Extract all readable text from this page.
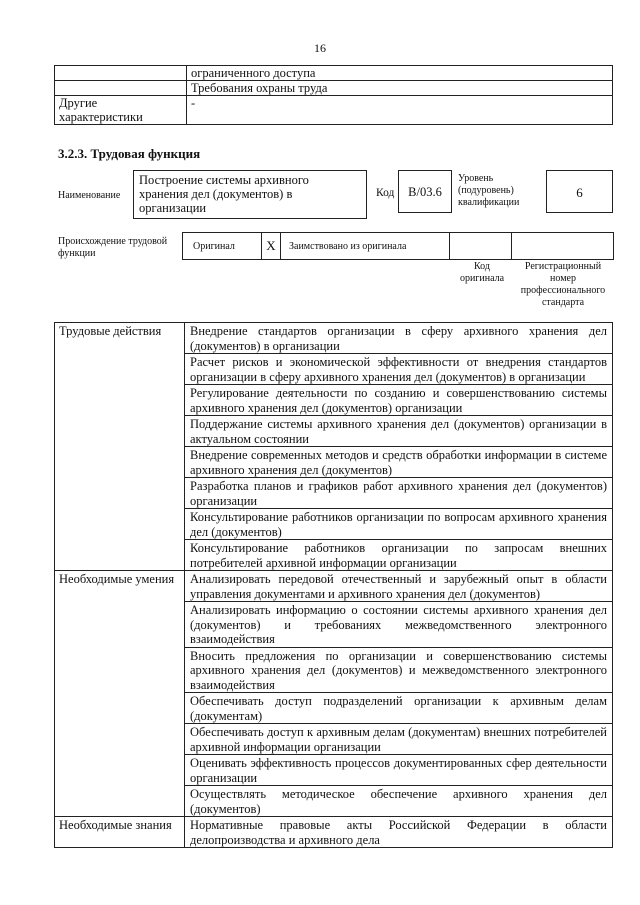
16
	ограниченного доступа
	Требования охраны труда
Другие характеристики	-
3.2.3. Трудовая функция
Наименование
Построение системы архивного хранения дел (документов) в организации
Код	B/03.6
Уровень (подуровень) квалификации
6
Происхождение трудовой функции
Оригинал	X	Заимствовано из оригинала
Код оригинала
Регистрационный номер профессионального стандарта
Трудовые действия	Внедрение стандартов организации в сферу архивного хранения дел (документов) в организации
	Расчет рисков и экономической эффективности от внедрения стандартов организации в сферу архивного хранения дел (документов) в организации
	Регулирование деятельности по созданию и совершенствованию системы архивного хранения дел (документов) организации
	Поддержание системы архивного хранения дел (документов) организации в актуальном состоянии
	Внедрение современных методов и средств обработки информации в системе архивного хранения дел (документов)
	Разработка планов и графиков работ архивного хранения дел (документов) организации
	Консультирование работников организации по вопросам архивного хранения дел (документов)
	Консультирование работников организации по запросам внешних потребителей архивной информации организации
Необходимые умения	Анализировать передовой отечественный и зарубежный опыт в области управления документами и архивного хранения дел (документов)
	Анализировать информацию о состоянии системы архивного хранения дел (документов) и требованиях межведомственного электронного взаимодействия
	Вносить предложения по организации и совершенствованию системы архивного хранения дел (документов) и межведомственного электронного взаимодействия
	Обеспечивать доступ подразделений организации к архивным делам (документам)
	Обеспечивать доступ к архивным делам (документам) внешних потребителей архивной информации организации
	Оценивать эффективность процессов документированных сфер деятельности организации
	Осуществлять методическое обеспечение архивного хранения дел (документов)
Необходимые знания	Нормативные правовые акты Российской Федерации в области делопроизводства и архивного дела
